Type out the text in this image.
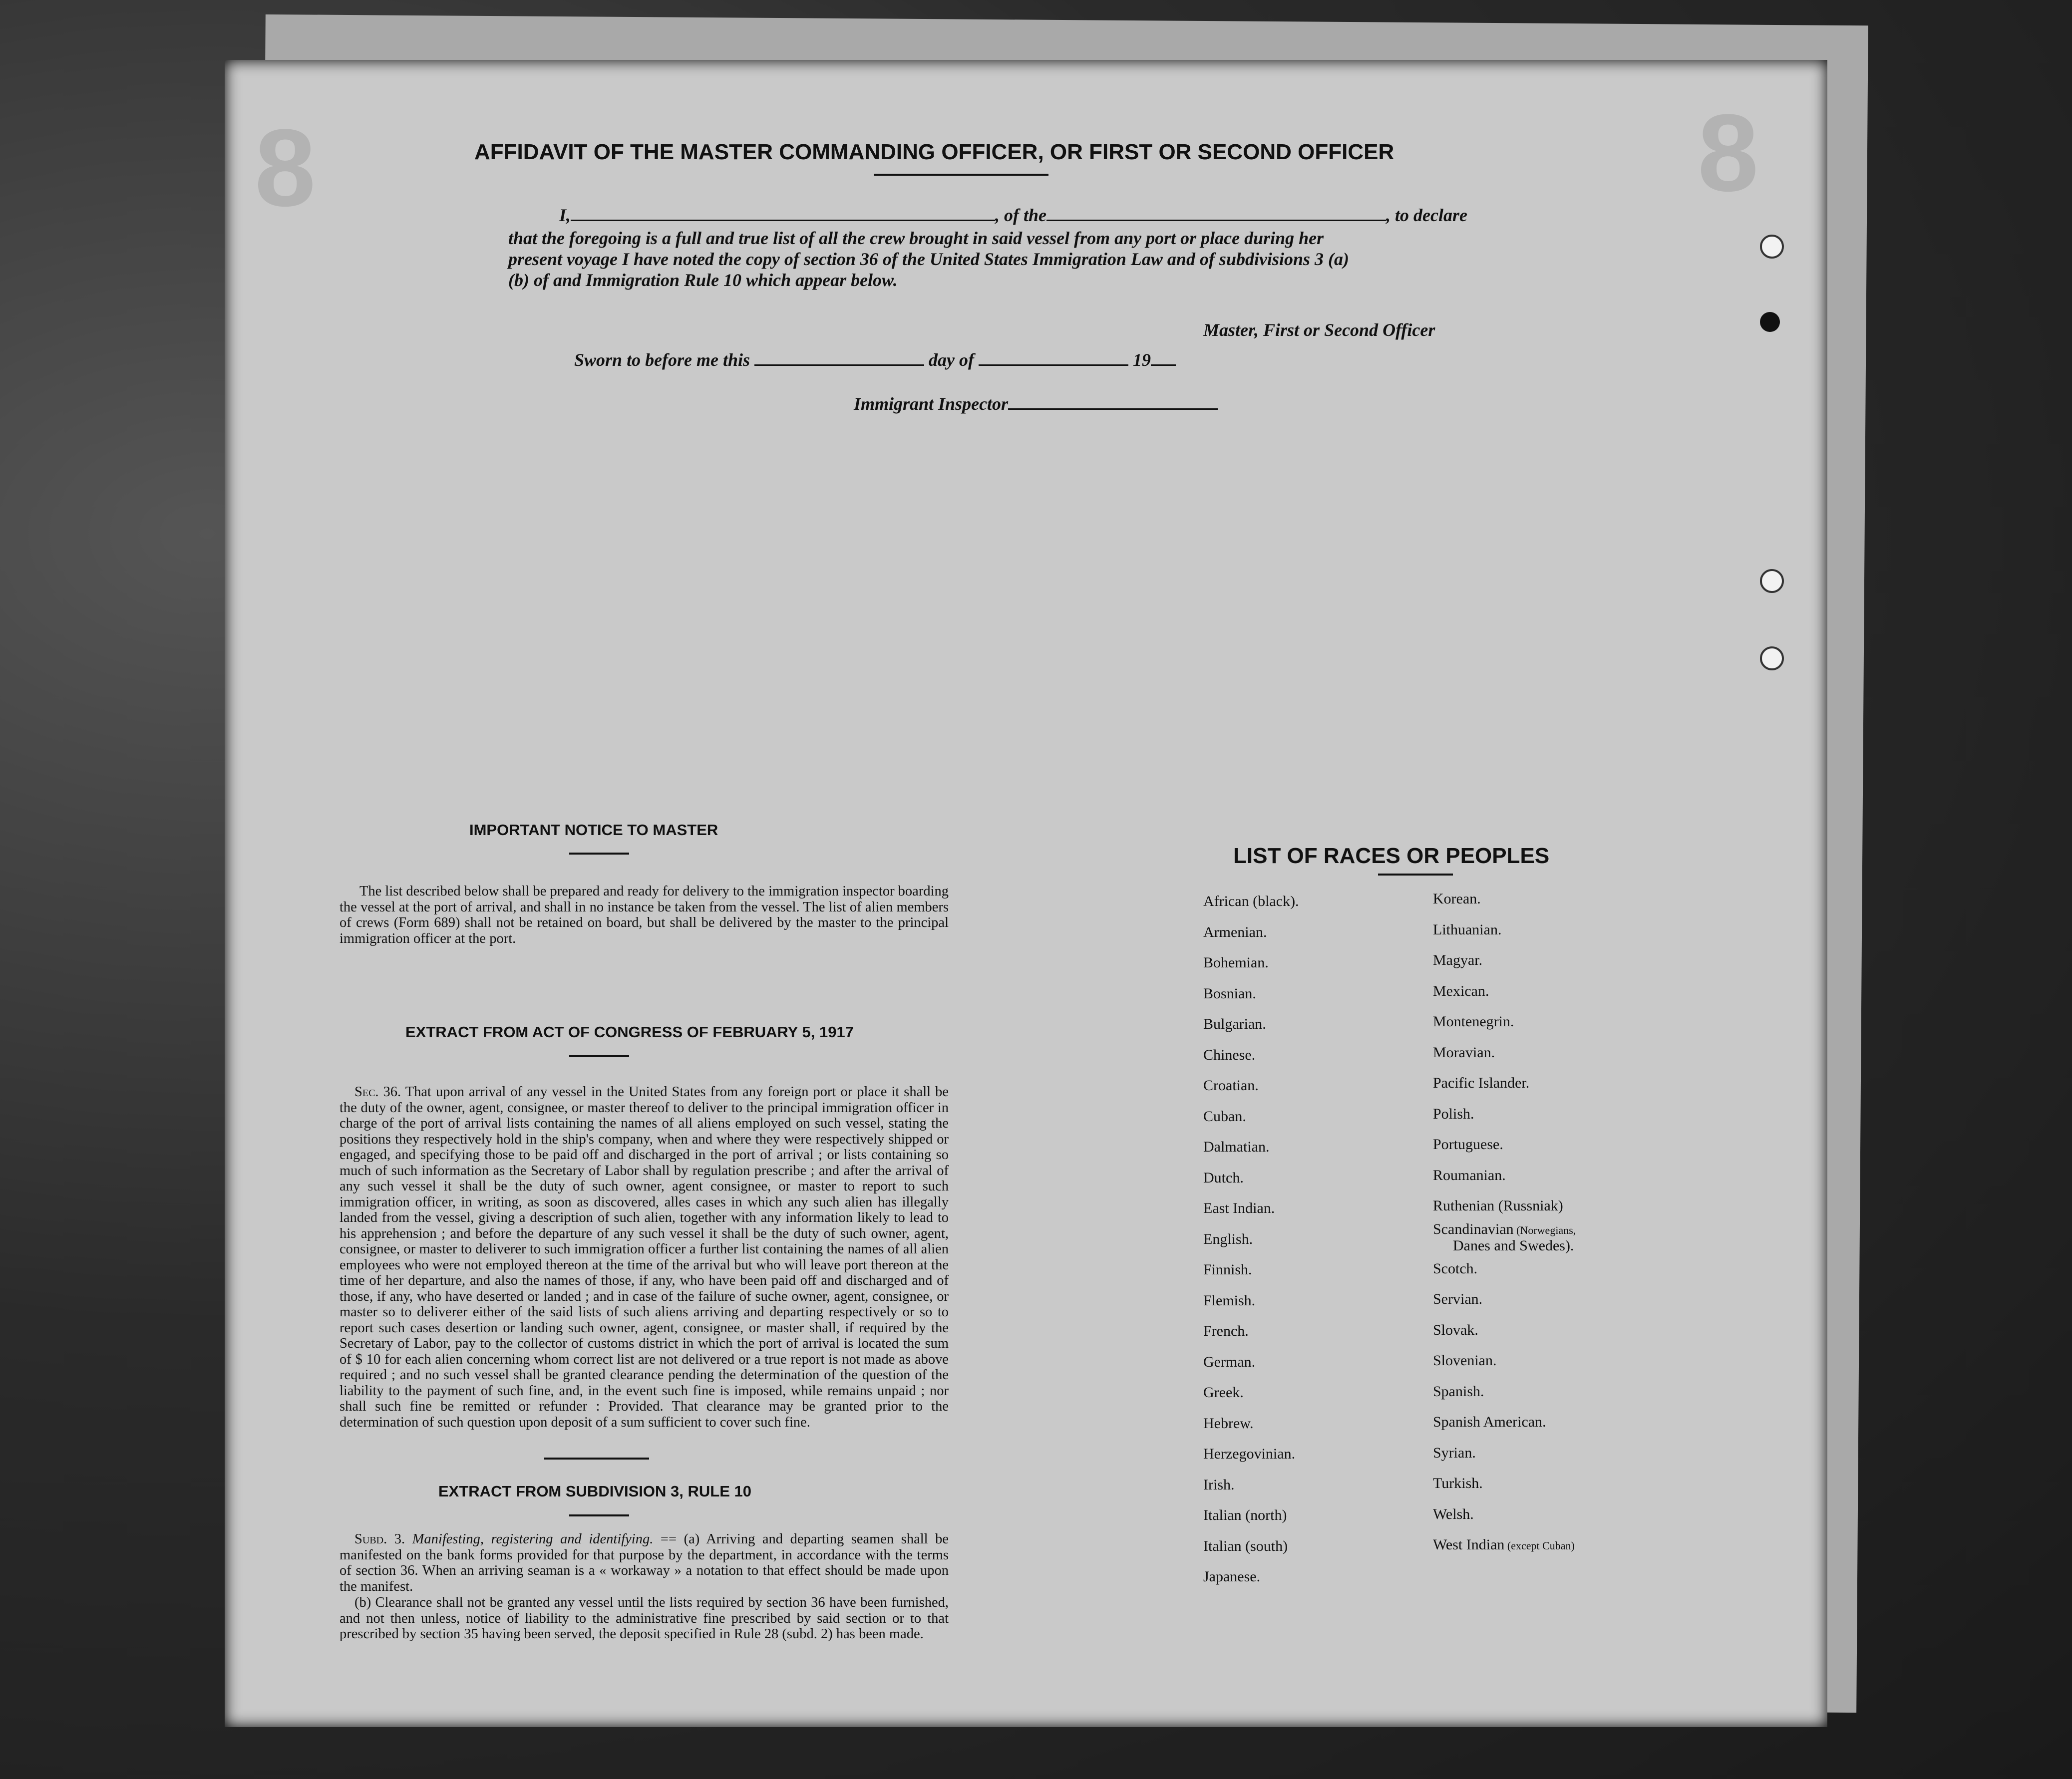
8	8
AFFIDAVIT OF THE MASTER COMMANDING OFFICER, OR FIRST OR SECOND OFFICER
I,	, of the	, to declare
that the foregoing is a full and true list of all the crew brought in said vessel from any port or place during her
present voyage I have noted the copy of section 36 of the United States Immigration Law and of subdivisions 3 (a)
(b) of and Immigration Rule 10 which appear below.
Master, First or Second Officer
Sworn to before me this	day of	19
Immigrant Inspector
IMPORTANT NOTICE TO MASTER
The list described below shall be prepared and ready for delivery to the immigration inspector boarding the vessel at the port of arrival, and shall in no instance be taken from the vessel. The list of alien members of crews (Form 689) shall not be retained on board, but shall be delivered by the master to the principal immigration officer at the port.
EXTRACT FROM ACT OF CONGRESS OF FEBRUARY 5, 1917
Sec. 36. That upon arrival of any vessel in the United States from any foreign port or place it shall be the duty of the owner, agent, consignee, or master thereof to deliver to the principal immigration officer in charge of the port of arrival lists containing the names of all aliens employed on such vessel, stating the positions they respectively hold in the ship's company, when and where they were respectively shipped or engaged, and specifying those to be paid off and discharged in the port of arrival ; or lists containing so much of such information as the Secretary of Labor shall by regulation prescribe ; and after the arrival of any such vessel it shall be the duty of such owner, agent consignee, or master to report to such immigration officer, in writing, as soon as discovered, alles cases in which any such alien has illegally landed from the vessel, giving a description of such alien, together with any information likely to lead to his apprehension ; and before the departure of any such vessel it shall be the duty of such owner, agent, consignee, or master to deliverer to such immigration officer a further list containing the names of all alien employees who were not employed thereon at the time of the arrival but who will leave port thereon at the time of her departure, and also the names of those, if any, who have been paid off and discharged and of those, if any, who have deserted or landed ; and in case of the failure of suche owner, agent, consignee, or master so to deliverer either of the said lists of such aliens arriving and departing respectively or so to report such cases desertion or landing such owner, agent, consignee, or master shall, if required by the Secretary of Labor, pay to the collector of customs district in which the port of arrival is located the sum of $ 10 for each alien concerning whom correct list are not delivered or a true report is not made as above required ; and no such vessel shall be granted clearance pending the determination of the question of the liability to the payment of such fine, and, in the event such fine is imposed, while remains unpaid ; nor shall such fine be remitted or refunder : Provided. That clearance may be granted prior to the determination of such question upon deposit of a sum sufficient to cover such fine.
EXTRACT FROM SUBDIVISION 3, RULE 10
Subd. 3. Manifesting, registering and identifying. == (a) Arriving and departing seamen shall be manifested on the bank forms provided for that purpose by the department, in accordance with the terms of section 36. When an arriving seaman is a « workaway » a notation to that effect should be made upon the manifest.
(b) Clearance shall not be granted any vessel until the lists required by section 36 have been furnished, and not then unless, notice of liability to the administrative fine prescribed by said section or to that prescribed by section 35 having been served, the deposit specified in Rule 28 (subd. 2) has been made.
LIST OF RACES OR PEOPLES
African (black).
Armenian.
Bohemian.
Bosnian.
Bulgarian.
Chinese.
Croatian.
Cuban.
Dalmatian.
Dutch.
East Indian.
English.
Finnish.
Flemish.
French.
German.
Greek.
Hebrew.
Herzegovinian.
Irish.
Italian (north)
Italian (south)
Japanese.
Korean.
Lithuanian.
Magyar.
Mexican.
Montenegrin.
Moravian.
Pacific Islander.
Polish.
Portuguese.
Roumanian.
Ruthenian (Russniak)
Scandinavian (Norwegians,
Danes and Swedes).
Scotch.
Servian.
Slovak.
Slovenian.
Spanish.
Spanish American.
Syrian.
Turkish.
Welsh.
West Indian (except Cuban)
